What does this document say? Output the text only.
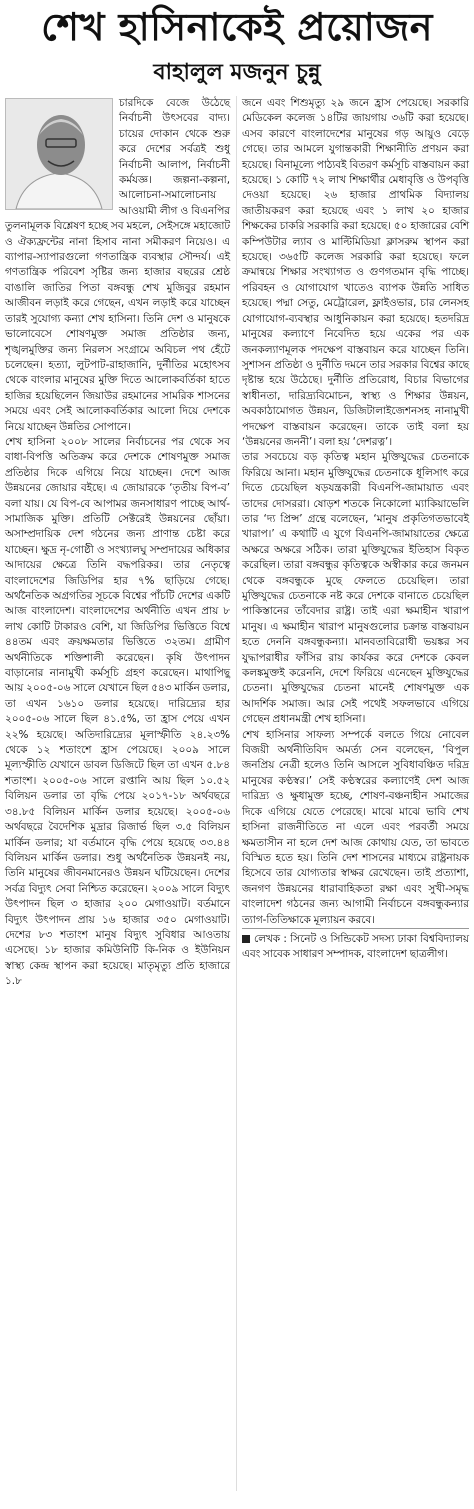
শেখ হাসিনাকেই প্রয়োজন
বাহালুল মজনুন চুন্নু

চারদিকে বেজে উঠেছে নির্বাচনী উৎসবের বাদ্য। চায়ের দোকান থেকে শুরু করে দেশের সর্বত্রই শুধু নির্বাচনী আলাপ, নির্বাচনী কর্মযজ্ঞ। জল্পনা-কল্পনা, আলোচনা-সমালোচনায় আওয়ামী লীগ ও বিএনপির তুলনামূলক বিশ্লেষণ হচ্ছে সব মহলে, সেইসঙ্গে মহাজোট ও ঐক্যফ্রন্টের নানা হিসাব নানা সমীকরণ নিয়েও। এ ব্যাপার-স্যাপারগুলো গণতান্ত্রিক ব্যবস্থার সৌন্দর্য। এই গণতান্ত্রিক পরিবেশ সৃষ্টির জন্য হাজার বছরের শ্রেষ্ঠ বাঙালি জাতির পিতা বঙ্গবন্ধু শেখ মুজিবুর রহমান আজীবন লড়াই করে গেছেন, এখন লড়াই করে যাচ্ছেন তারই সুযোগ্য কন্যা শেখ হাসিনা। তিনি দেশ ও মানুষকে ভালোবেসে শোষণমুক্ত সমাজ প্রতিষ্ঠার জন্য, শৃঙ্খলমুক্তির জন্য নিরলস সংগ্রামে অবিচল পথ হেঁটে চলেছেন। হত্যা, লুটপাট-রাহাজানি, দুর্নীতির মহোৎসব থেকে বাংলার মানুষের মুক্তি দিতে আলোকবর্তিকা হাতে হাজির হয়েছিলেন জিয়াউর রহমানের সামরিক শাসনের সময়ে এবং সেই আলোকবর্তিকার আলো দিয়ে দেশকে নিয়ে যাচ্ছেন উন্নতির সোপানে।

শেখ হাসিনা ২০০৮ সালের নির্বাচনের পর থেকে সব বাধা-বিপত্তি অতিক্রম করে দেশকে শোষণমুক্ত সমাজ প্রতিষ্ঠার দিকে এগিয়ে নিয়ে যাচ্ছেন। দেশে আজ উন্নয়নের জোয়ার বইছে। এ জোয়ারকে ‘তৃতীয় বিপ-ব’ বলা যায়। যে বিপ-বে আপামর জনসাধারণ পাচ্ছে আর্থ-সামাজিক মুক্তি। প্রতিটি সেক্টরেই উন্নয়নের ছোঁয়া। অসাম্প্রদায়িক দেশ গঠনের জন্য প্রাণান্ত চেষ্টা করে যাচ্ছেন। ক্ষুদ্র নৃ-গোষ্ঠী ও সংখ্যালঘু সম্প্রদায়ের অধিকার আদায়ের ক্ষেত্রে তিনি বদ্ধপরিকর। তার নেতৃত্বে বাংলাদেশের জিডিপির হার ৭% ছাড়িয়ে গেছে। অর্থনৈতিক অগ্রগতির সূচকে বিশ্বের পাঁচটি দেশের একটি আজ বাংলাদেশ। বাংলাদেশের অর্থনীতি এখন প্রায় ৮ লাখ কোটি টাকারও বেশি, যা জিডিপির ভিত্তিতে বিশ্বে ৪৪তম এবং ক্রয়ক্ষমতার ভিত্তিতে ৩২তম। গ্রামীণ অর্থনীতিকে শক্তিশালী করেছেন। কৃষি উৎপাদন বাড়ানোর নানামুখী কর্মসূচি গ্রহণ করেছেন। মাথাপিছু আয় ২০০৫-০৬ সালে যেখানে ছিল ৫৪৩ মার্কিন ডলার, তা এখন ১৬১০ ডলার হয়েছে। দারিদ্র্যের হার ২০০৫-০৬ সালে ছিল ৪১.৫%, তা হ্রাস পেয়ে এখন ২২% হয়েছে। অতিদারিদ্র্যের মূলাস্ফীতি ২৪.২৩% থেকে ১২ শতাংশে হ্রাস পেয়েছে। ২০০৯ সালে মূল্যস্ফীতি যেখানে ডাবল ডিজিটে ছিল তা এখন ৫.৮৪ শতাংশ। ২০০৫-০৬ সালে রপ্তানি আয় ছিল ১০.৫২ বিলিয়ন ডলার তা বৃদ্ধি পেয়ে ২০১৭-১৮ অর্থবছরে ৩৪.৮৫ বিলিয়ন মার্কিন ডলার হয়েছে। ২০০৫-০৬ অর্থবছরে বৈদেশিক মুদ্রার রিজার্ভ ছিল ৩.৫ বিলিয়ন মার্কিন ডলার; যা বর্তমানে বৃদ্ধি পেয়ে হয়েছে ৩৩.৪৪ বিলিয়ন মার্কিন ডলার। শুধু অর্থনৈতিক উন্নয়নই নয়, তিনি মানুষের জীবনমানেরও উন্নয়ন ঘটিয়েছেন। দেশের সর্বত্র বিদ্যুৎ সেবা নিশ্চিত করেছেন। ২০০৯ সালে বিদ্যুৎ উৎপাদন ছিল ৩ হাজার ২০০ মেগাওয়াট। বর্তমানে বিদ্যুৎ উৎপাদন প্রায় ১৬ হাজার ৩৫০ মেগাওয়াট। দেশের ৮৩ শতাংশ মানুষ বিদ্যুৎ সুবিধার আওতায় এসেছে। ১৮ হাজার কমিউনিটি কি-নিক ও ইউনিয়ন স্বাস্থ্য কেন্দ্র স্থাপন করা হয়েছে। মাতৃমৃত্যু প্রতি হাজারে ১.৮

জনে এবং শিশুমৃত্যু ২৯ জনে হ্রাস পেয়েছে। সরকারি মেডিকেল কলেজ ১৪টির জায়গায় ৩৬টি করা হয়েছে। এসব কারণে বাংলাদেশের মানুষের গড় আয়ুও বেড়ে গেছে। তার আমলে যুগান্তকারী শিক্ষানীতি প্রণয়ন করা হয়েছে। বিনামূল্যে পাঠ্যবই বিতরণ কর্মসূচি বাস্তবায়ন করা হয়েছে। ১ কোটি ৭২ লাখ শিক্ষার্থীর মেধাবৃত্তি ও উপবৃত্তি দেওয়া হয়েছে। ২৬ হাজার প্রাথমিক বিদ্যালয় জাতীয়করণ করা হয়েছে এবং ১ লাখ ২০ হাজার শিক্ষকের চাকরি সরকারি করা হয়েছে। ৫০ হাজারের বেশি কম্পিউটার ল্যাব ও মাল্টিমিডিয়া ক্লাসরুম স্থাপন করা হয়েছে। ৩৬৫টি কলেজ সরকারি করা হয়েছে। ফলে ক্রমান্বয়ে শিক্ষার সংখ্যাগত ও গুণগতমান বৃদ্ধি পাচ্ছে। পরিবহন ও যোগাযোগ খাতেও ব্যাপক উন্নতি সাধিত হয়েছে। পদ্মা সেতু, মেট্রোরেল, ফ্লাইওভার, চার লেনসহ যোগাযোগ-ব্যবস্থার আধুনিকায়ন করা হয়েছে। হতদরিদ্র মানুষের কল্যাণে নিবেদিত হয়ে একের পর এক জনকল্যাণমূলক পদক্ষেপ বাস্তবায়ন করে যাচ্ছেন তিনি। সুশাসন প্রতিষ্ঠা ও দুর্নীতি দমনে তার সরকার বিশ্বের কাছে দৃষ্টান্ত হয়ে উঠেছে। দুর্নীতি প্রতিরোধ, বিচার বিভাগের স্বাধীনতা, দারিদ্র্যবিমোচন, স্বাস্থ্য ও শিক্ষার উন্নয়ন, অবকাঠামোগত উন্নয়ন, ডিজিটালাইজেশনসহ নানামুখী পদক্ষেপ বাস্তবায়ন করেছেন। তাকে তাই বলা হয় ‘উন্নয়নের জননী’। বলা হয় ‘দেশরত্ন’।

তার সবচেয়ে বড় কৃতিত্ব মহান মুক্তিযুদ্ধের চেতনাকে ফিরিয়ে আনা। মহান মুক্তিযুদ্ধের চেতনাকে ধূলিসাৎ করে দিতে চেয়েছিল ষড়যন্ত্রকারী বিএনপি-জামায়াত এবং তাদের দোসররা। ষোড়শ শতকে নিকোলো ম্যাকিয়াভেলি তার ‘দ্য প্রিন্স’ গ্রন্থে বলেছেন, ‘মানুষ প্রকৃতিগতভাবেই খারাপ।’ এ কথাটি এ যুগে বিএনপি-জামায়াতের ক্ষেত্রে অক্ষরে অক্ষরে সঠিক। তারা মুক্তিযুদ্ধের ইতিহাস বিকৃত করেছিল। তারা বঙ্গবন্ধুর কৃতিত্বকে অস্বীকার করে জনমন থেকে বঙ্গবন্ধুকে মুছে ফেলতে চেয়েছিল। তারা মুক্তিযুদ্ধের চেতনাকে নষ্ট করে দেশকে বানাতে চেয়েছিল পাকিস্তানের তাঁবেদার রাষ্ট্র। তাই এরা ক্ষমাহীন খারাপ মানুষ। এ ক্ষমাহীন খারাপ মানুষগুলোর চক্রান্ত বাস্তবায়ন হতে দেননি বঙ্গবন্ধুকন্যা। মানবতাবিরোধী ভয়ঙ্কর সব যুদ্ধাপরাধীর ফাঁসির রায় কার্যকর করে দেশকে কেবল কলঙ্কমুক্তই করেননি, দেশে ফিরিয়ে এনেছেন মুক্তিযুদ্ধের চেতনা। মুক্তিযুদ্ধের চেতনা মানেই শোষণমুক্ত এক আদর্শিক সমাজ। আর সেই পথেই সফলভাবে এগিয়ে গেছেন প্রধানমন্ত্রী শেখ হাসিনা।

শেখ হাসিনার সাফল্য সম্পর্কে বলতে গিয়ে নোবেল বিজয়ী অর্থনীতিবিদ অমর্ত্য সেন বলেছেন, ‘বিপুল জনপ্রিয় নেত্রী হলেও তিনি আসলে সুবিধাবঞ্চিত দরিদ্র মানুষের কণ্ঠস্বর।’ সেই কণ্ঠস্বরের কল্যাণেই দেশ আজ দারিদ্র্য ও ক্ষুধামুক্ত হচ্ছে, শোষণ-বঞ্চনাহীন সমাজের দিকে এগিয়ে যেতে পেরেছে। মাঝে মাঝে ভাবি শেখ হাসিনা রাজনীতিতে না এলে এবং পরবর্তী সময়ে ক্ষমতাসীন না হলে দেশ আজ কোথায় যেত, তা ভাবতে বিস্মিত হতে হয়। তিনি দেশ শাসনের মাধ্যমে রাষ্ট্রনায়ক হিসেবে তার যোগ্যতার স্বাক্ষর রেখেছেন। তাই প্রত্যাশা, জনগণ উন্নয়নের ধারাবাহিকতা রক্ষা এবং সুখী-সমৃদ্ধ বাংলাদেশ গঠনের জন্য আগামী নির্বাচনে বঙ্গবন্ধুকন্যার ত্যাগ-তিতিক্ষাকে মূল্যায়ন করবে।

লেখক : সিনেট ও সিন্ডিকেট সদস্য ঢাকা বিশ্ববিদ্যালয় এবং সাবেক সাধারণ সম্পাদক, বাংলাদেশ ছাত্রলীগ।
